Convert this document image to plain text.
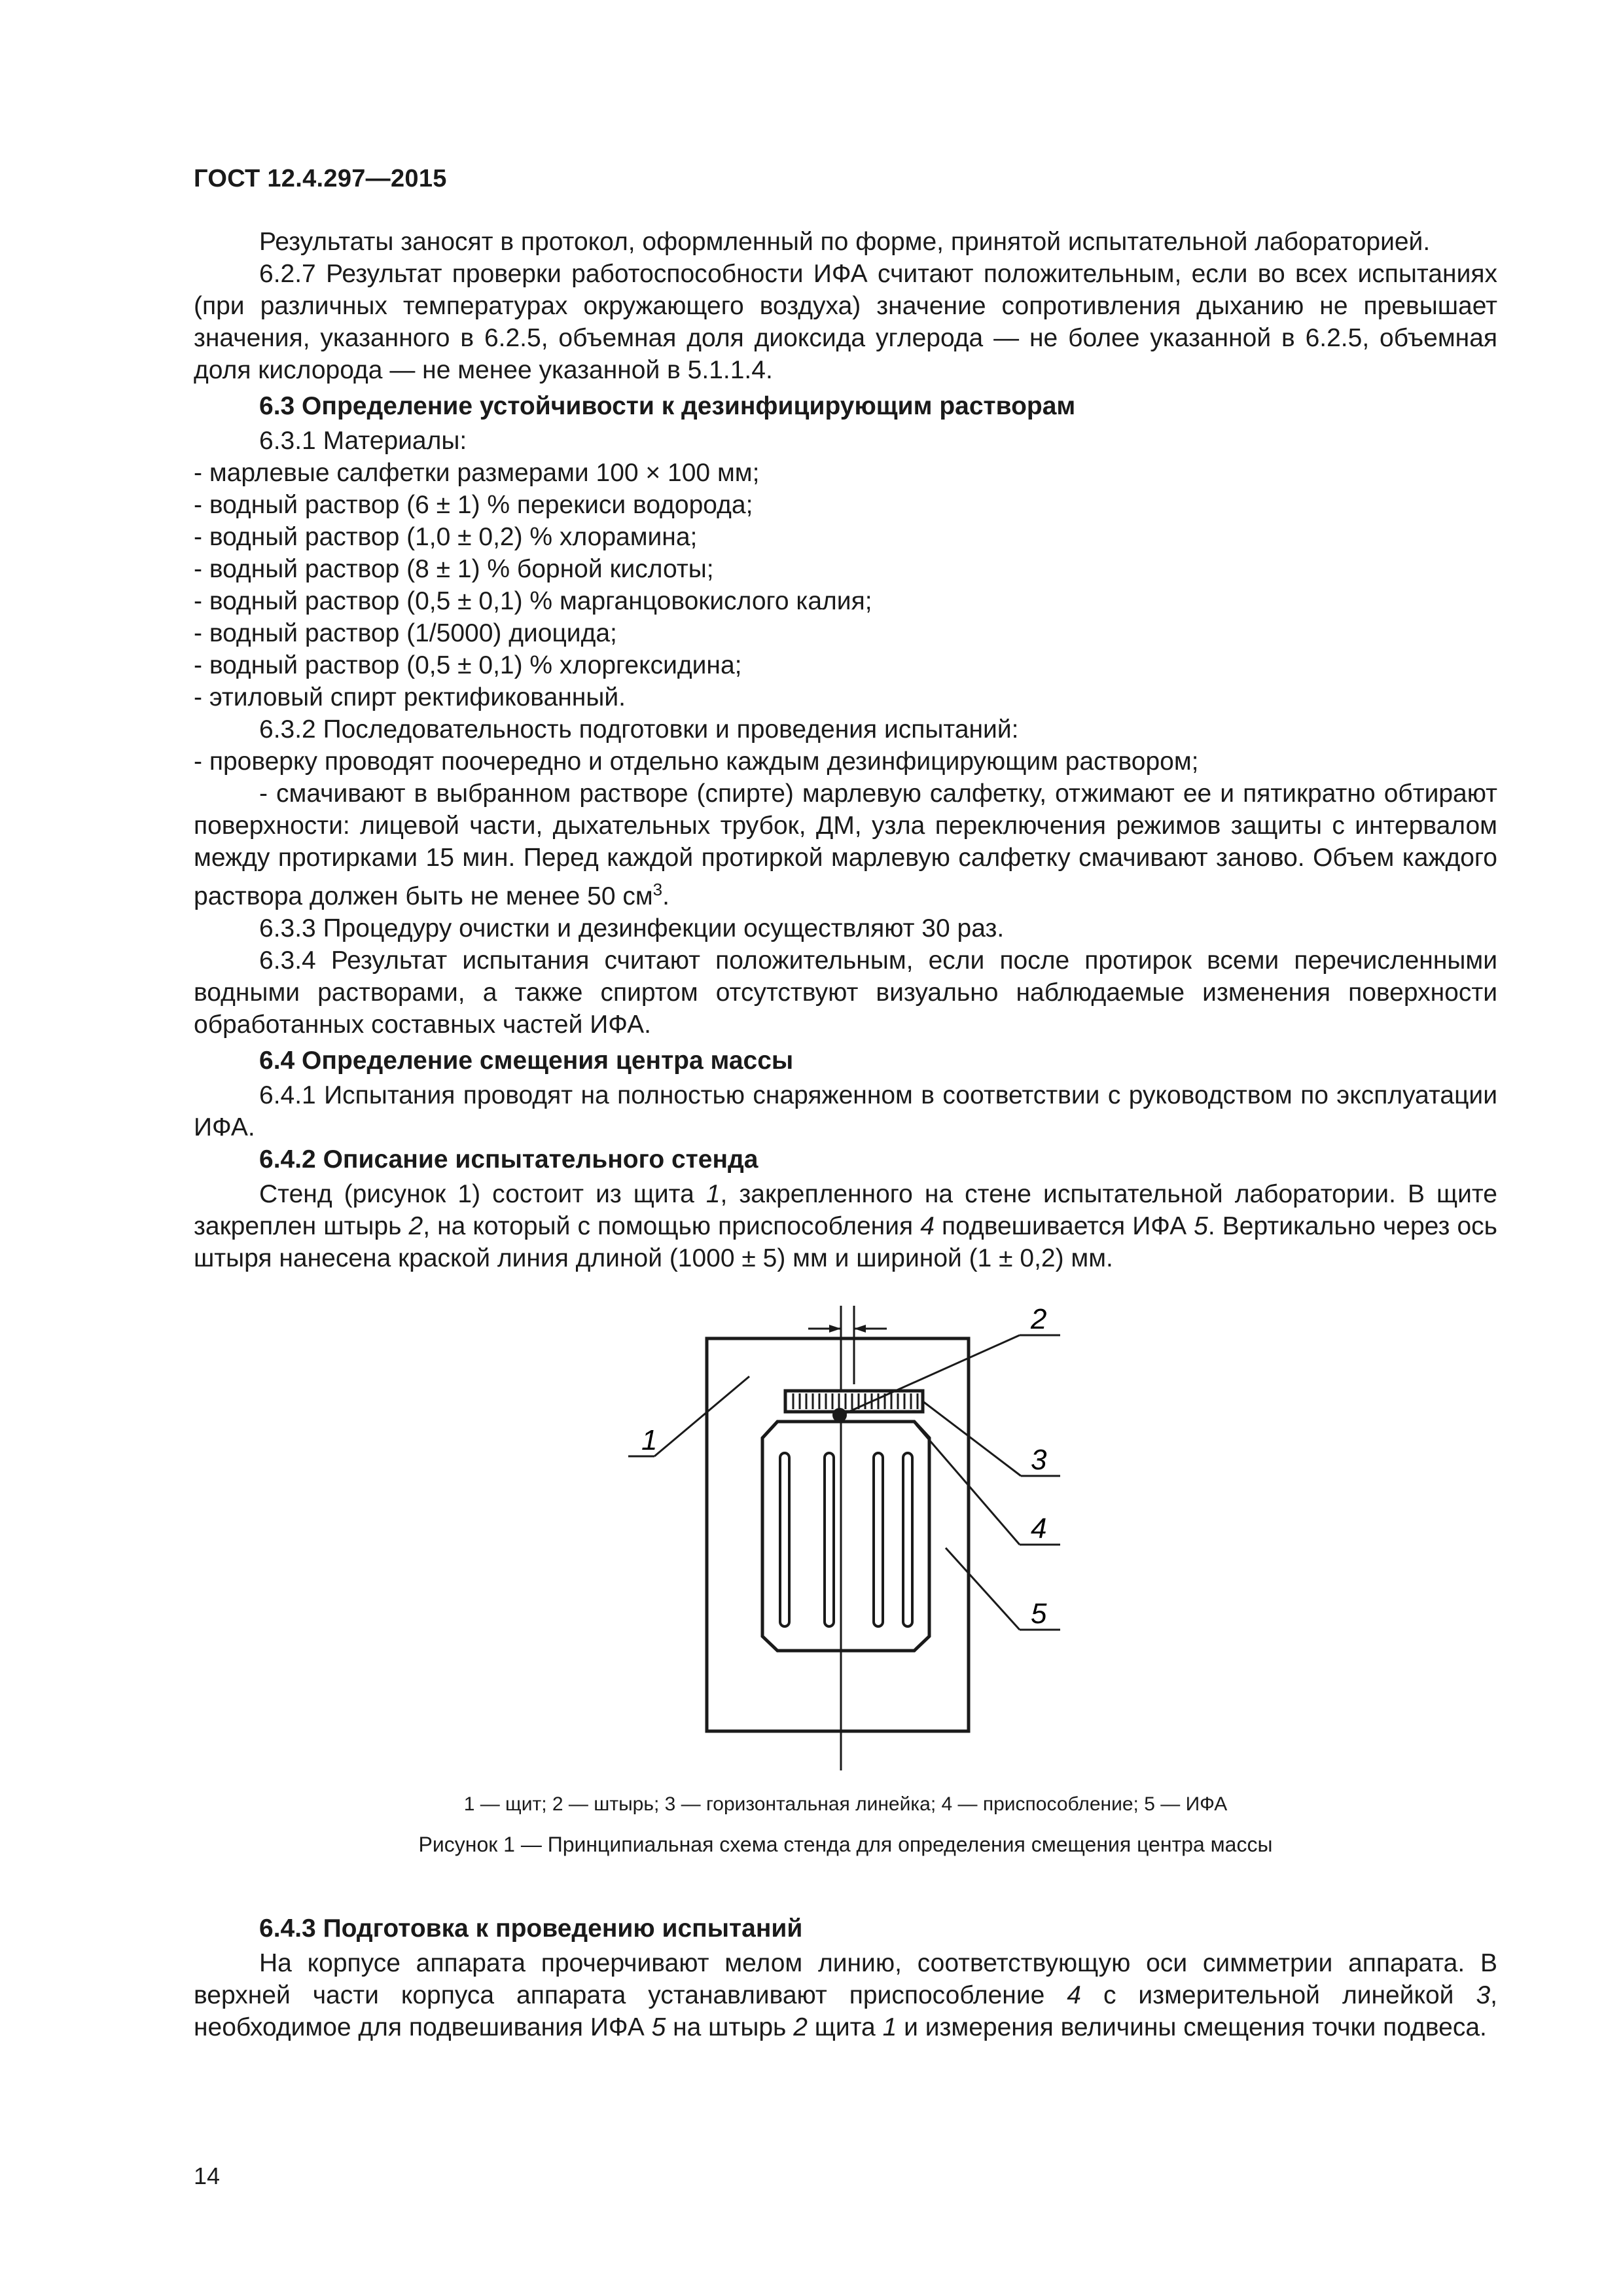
ГОСТ 12.4.297—2015

Результаты заносят в протокол, оформленный по форме, принятой испытательной лабораторией.

6.2.7 Результат проверки работоспособности ИФА считают положительным, если во всех испытаниях (при различных температурах окружающего воздуха) значение сопротивления дыханию не превышает значения, указанного в 6.2.5, объемная доля диоксида углерода — не более указанной в 6.2.5, объемная доля кислорода — не менее указанной в 5.1.1.4.

6.3 Определение устойчивости к дезинфицирующим растворам

6.3.1 Материалы:

- марлевые салфетки размерами 100 × 100 мм;

- водный раствор (6 ± 1) % перекиси водорода;

- водный раствор (1,0 ± 0,2) % хлорамина;

- водный раствор (8 ± 1) % борной кислоты;

- водный раствор (0,5 ± 0,1) % марганцовокислого калия;

- водный раствор (1/5000) диоцида;

- водный раствор (0,5 ± 0,1) % хлоргексидина;

- этиловый спирт ректификованный.

6.3.2 Последовательность подготовки и проведения испытаний:

- проверку проводят поочередно и отдельно каждым дезинфицирующим раствором;

- смачивают в выбранном растворе (спирте) марлевую салфетку, отжимают ее и пятикратно обтирают поверхности: лицевой части, дыхательных трубок, ДМ, узла переключения режимов защиты с интервалом между протирками 15 мин. Перед каждой протиркой марлевую салфетку смачивают заново. Объем каждого раствора должен быть не менее 50 $см^3$.

6.3.3 Процедуру очистки и дезинфекции осуществляют 30 раз.

6.3.4 Результат испытания считают положительным, если после протирок всеми перечисленными водными растворами, а также спиртом отсутствуют визуально наблюдаемые изменения поверхности обработанных составных частей ИФА.

6.4 Определение смещения центра массы

6.4.1 Испытания проводят на полностью снаряженном в соответствии с руководством по эксплуатации ИФА.

6.4.2 Описание испытательного стенда

Стенд (рисунок 1) состоит из щита 1, закрепленного на стене испытательной лаборатории. В щите закреплен штырь 2, на который с помощью приспособления 4 подвешивается ИФА 5. Вертикально через ось штыря нанесена краской линия длиной (1000 ± 5) мм и шириной (1 ± 0,2) мм.

1
2
3
4
5
1 — щит; 2 — штырь; 3 — горизонтальная линейка; 4 — приспособление; 5 — ИФА
Рисунок 1 — Принципиальная схема стенда для определения смещения центра массы

6.4.3 Подготовка к проведению испытаний

На корпусе аппарата прочерчивают мелом линию, соответствующую оси симметрии аппарата. В верхней части корпуса аппарата устанавливают приспособление 4 с измерительной линейкой 3, необходимое для подвешивания ИФА 5 на штырь 2 щита 1 и измерения величины смещения точки подвеса.

14
